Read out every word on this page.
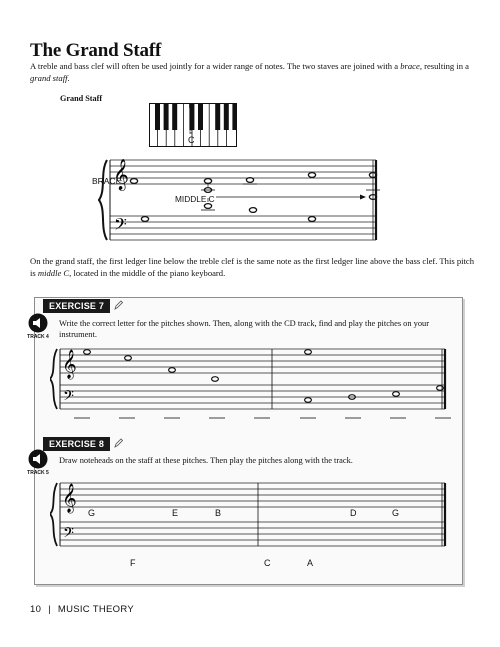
The Grand Staff
A treble and bass clef will often be used jointly for a wider range of notes. The two staves are joined with a brace, resulting in a grand staff.
Grand Staff
MIDDLE
C
𝄞
𝄢
BRACE
MIDDLE C
On the grand staff, the first ledger line below the treble clef is the same note as the first ledger line above the bass clef. This pitch is middle C, located in the middle of the piano keyboard.
EXERCISE 7
TRACK 4
Write the correct letter for the pitches shown. Then, along with the CD track, find and play the pitches on your instrument.
𝄞
𝄢
EXERCISE 8
TRACK 5
Draw noteheads on the staff at these pitches. Then play the pitches along with the track.
𝄞
𝄢
G	E	B	D	G
F	C	A
10 | MUSIC THEORY
